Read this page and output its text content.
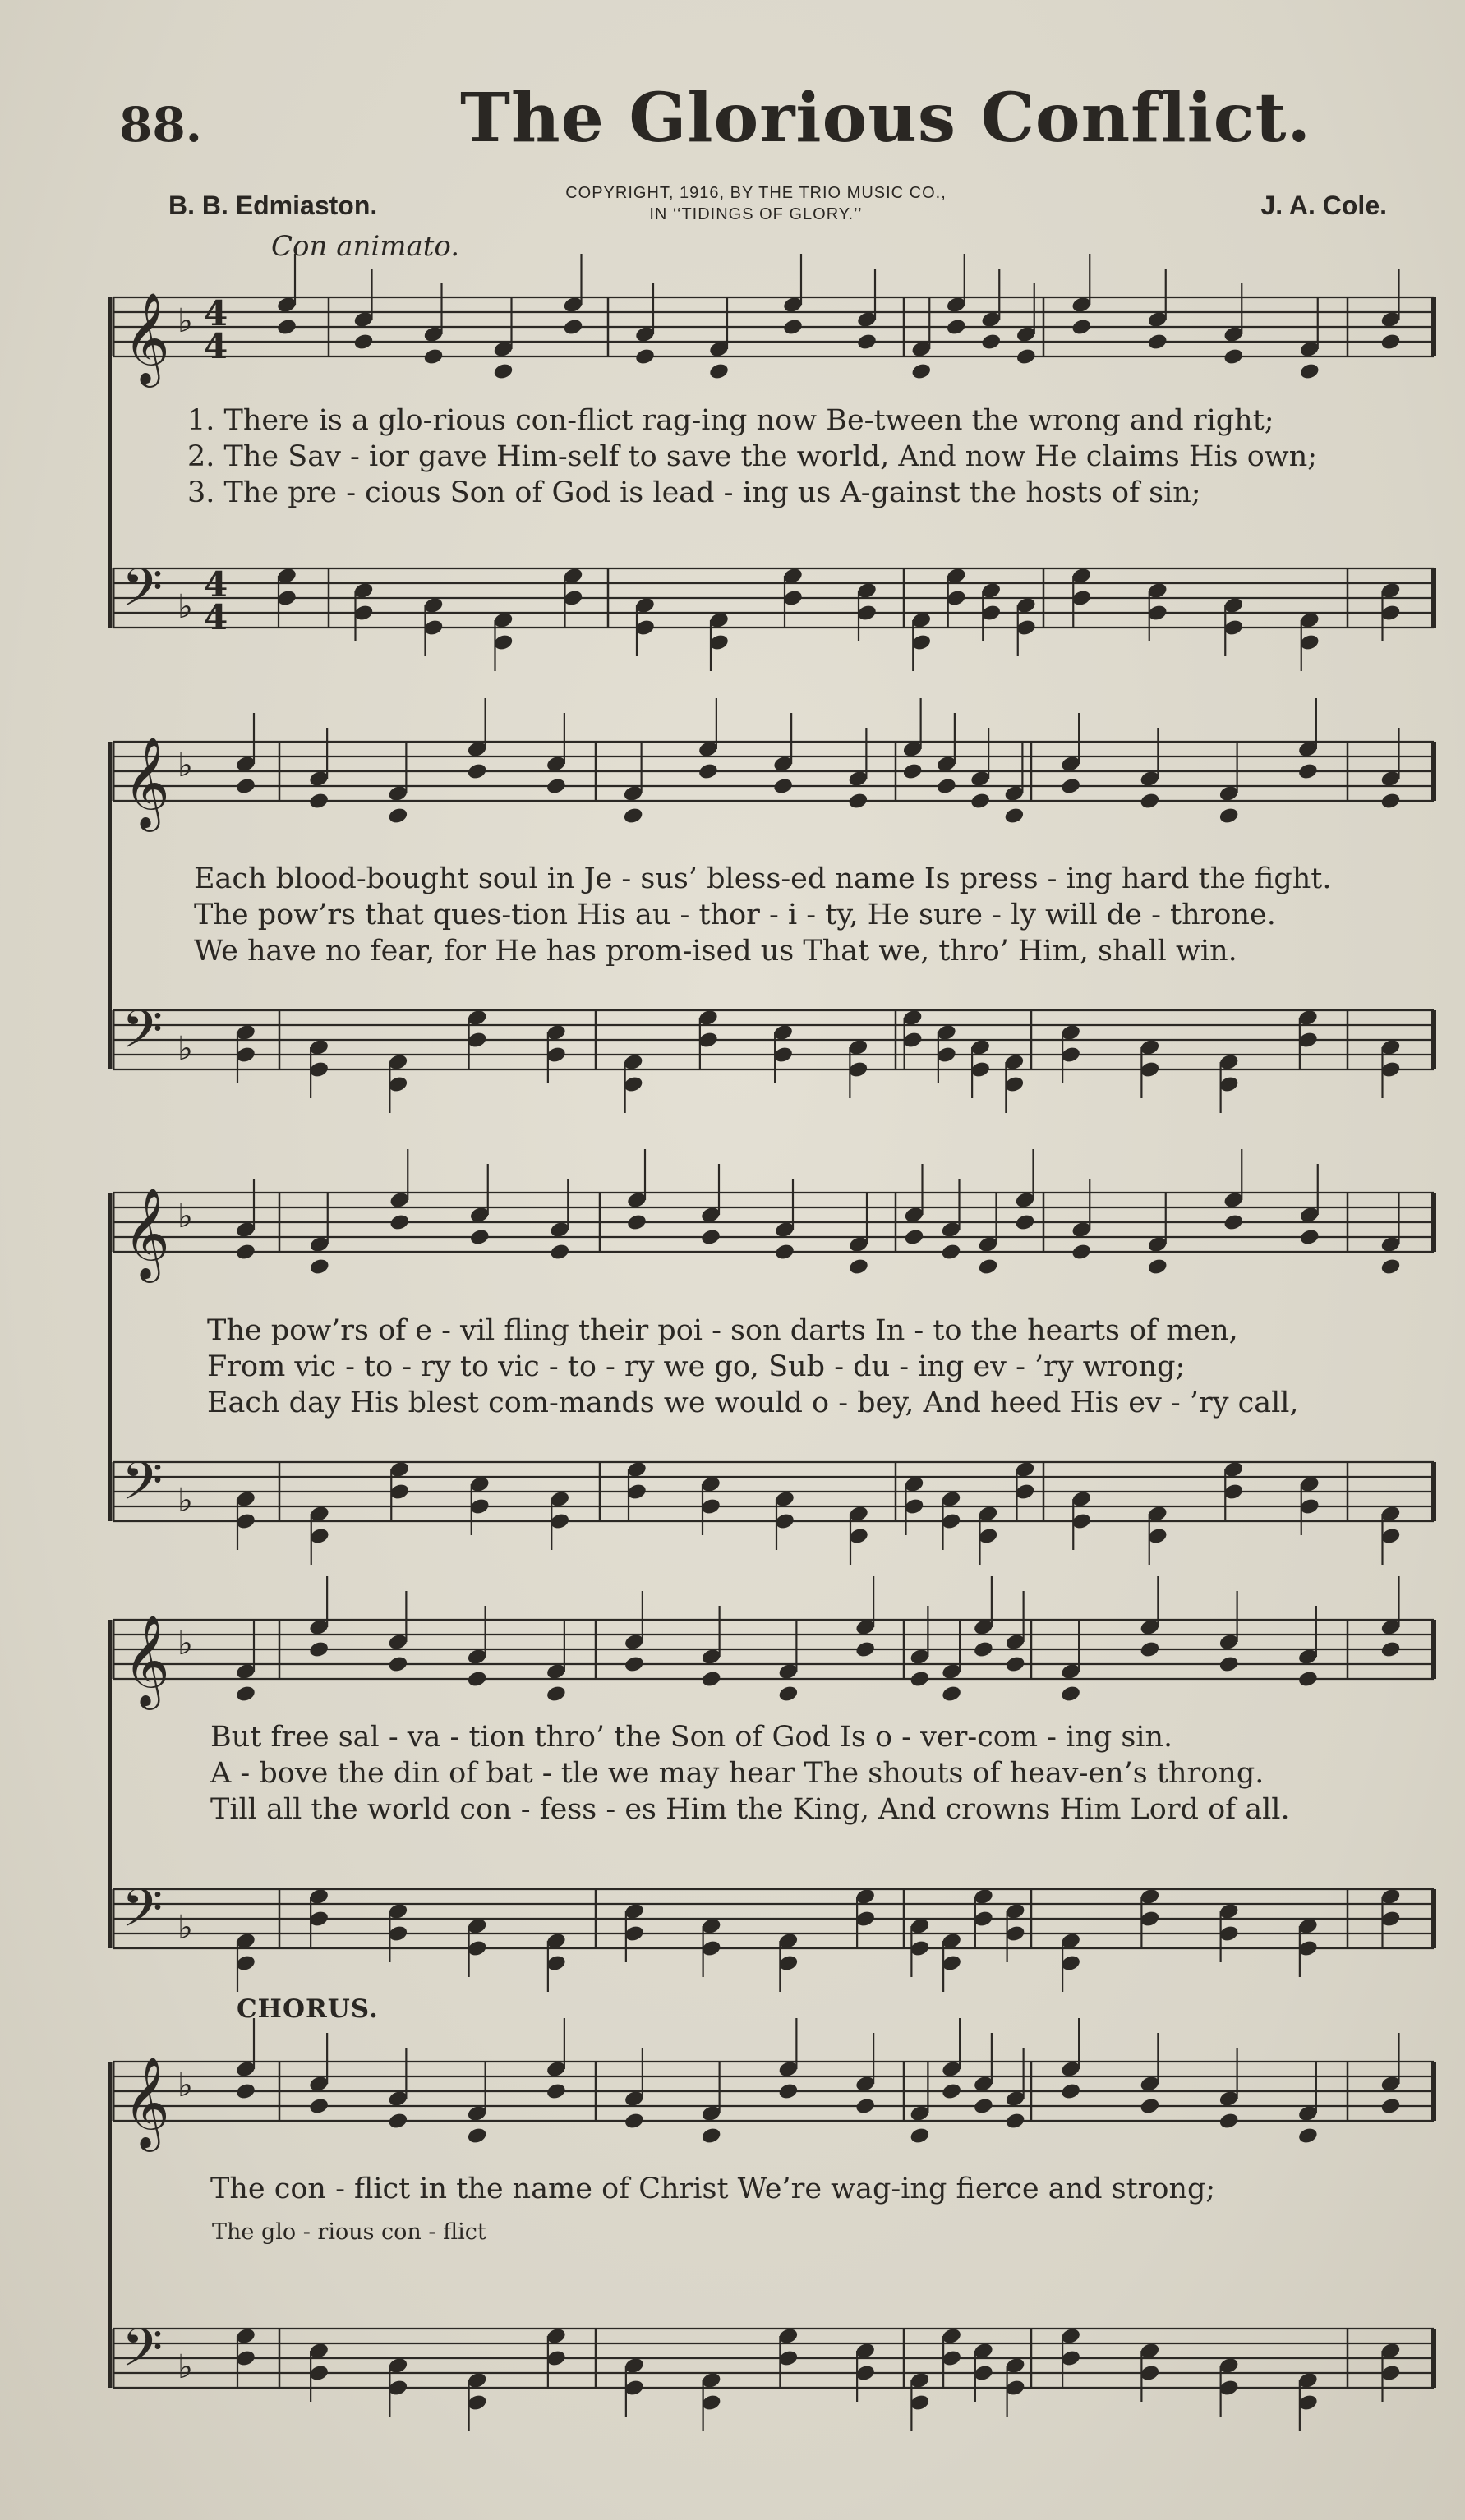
88.	The Glorious Conflict.
B. B. Edmiaston.	COPYRIGHT, 1916, BY THE TRIO MUSIC CO.,
IN ‘‘TIDINGS OF GLORY.’’	J. A. Cole.
Con animato.
𝄞 ♭ 4
4
𝄢 ♭
4
4
𝄞 ♭
𝄢 ♭
𝄞 ♭
𝄢 ♭
𝄞 ♭
𝄢 ♭
𝄞 ♭
𝄢 ♭
1. There is a glo-rious con-flict rag-ing now Be-tween the wrong and right;
2. The Sav - ior gave Him-self to save the world, And now He claims His own;
3. The pre - cious Son of God is lead - ing us A-gainst the hosts of sin;
Each blood-bought soul in Je - sus’ bless-ed name Is press - ing hard the fight.
The pow’rs that ques-tion His au - thor - i - ty, He sure - ly will de - throne.
We have no fear, for He has prom-ised us That we, thro’ Him, shall win.
The pow’rs of e - vil fling their poi - son darts In - to the hearts of men,
From vic - to - ry to vic - to - ry we go, Sub - du - ing ev - ’ry wrong;
Each day His blest com-mands we would o - bey, And heed His ev - ’ry call,
But free sal - va - tion thro’ the Son of God Is o - ver-com - ing sin.
A - bove the din of bat - tle we may hear The shouts of heav-en’s throng.
Till all the world con - fess - es Him the King, And crowns Him Lord of all.
CHORUS.
The con - flict in the name of Christ We’re wag-ing fierce and strong;
The glo - rious con - flict
